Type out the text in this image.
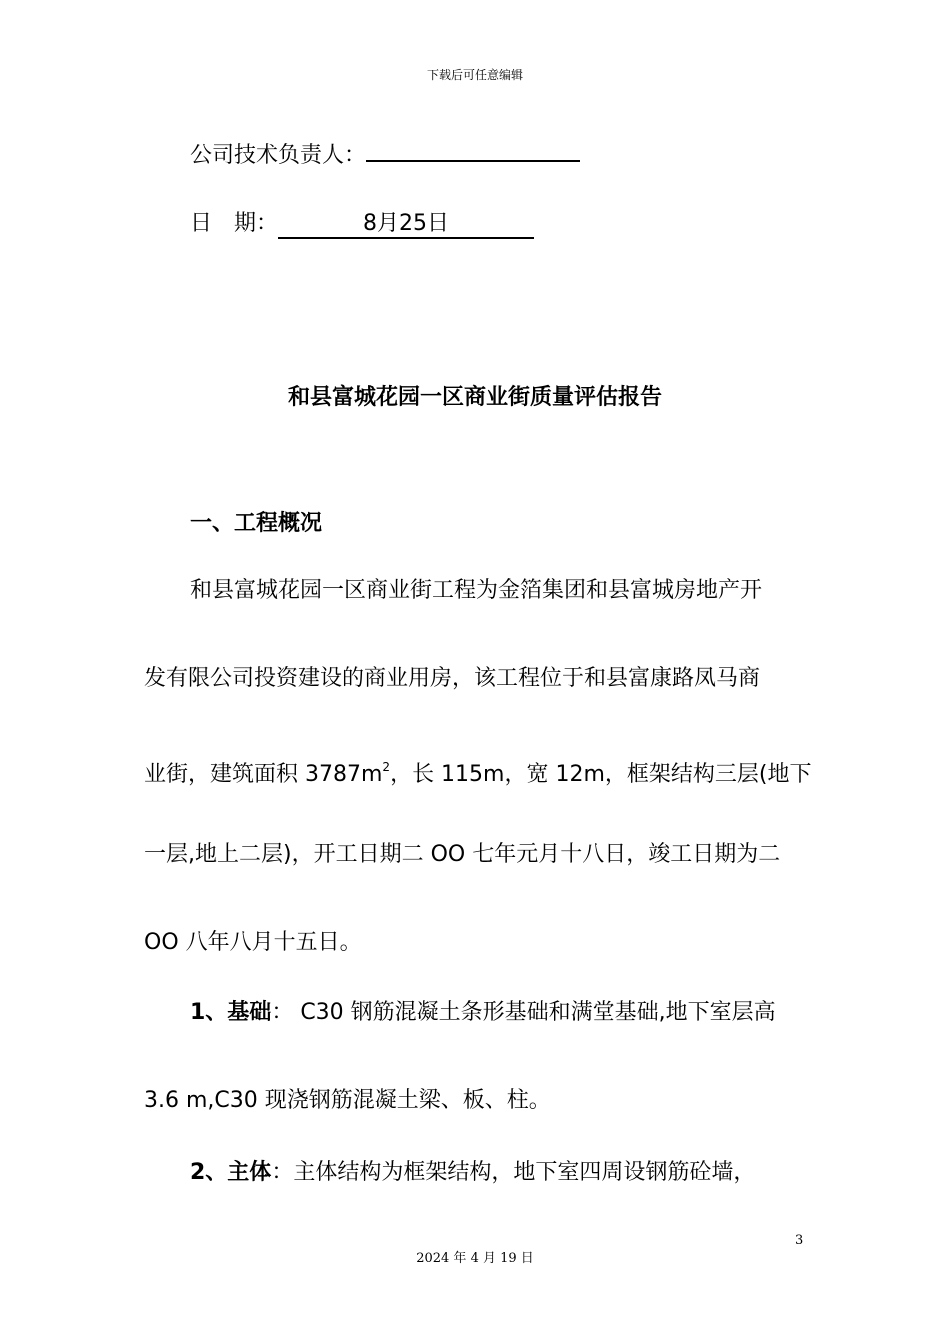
下载后可任意编辑
公司技术负责人：
日　期：	8月25日
和县富城花园一区商业街质量评估报告
一、工程概况
和县富城花园一区商业街工程为金箔集团和县富城房地产开
发有限公司投资建设的商业用房，该工程位于和县富康路凤马商
业街，建筑面积 $3787m^2$，长 115m，宽 12m，框架结构三层(地下
一层,地上二层)，开工日期二 OO 七年元月十八日，竣工日期为二
OO 八年八月十五日。
1、基础： C30 钢筋混凝土条形基础和满堂基础,地下室层高
3.6 m,C30 现浇钢筋混凝土梁、板、柱。
2、主体：主体结构为框架结构，地下室四周设钢筋砼墙，
3
2024 年 4 月 19 日
